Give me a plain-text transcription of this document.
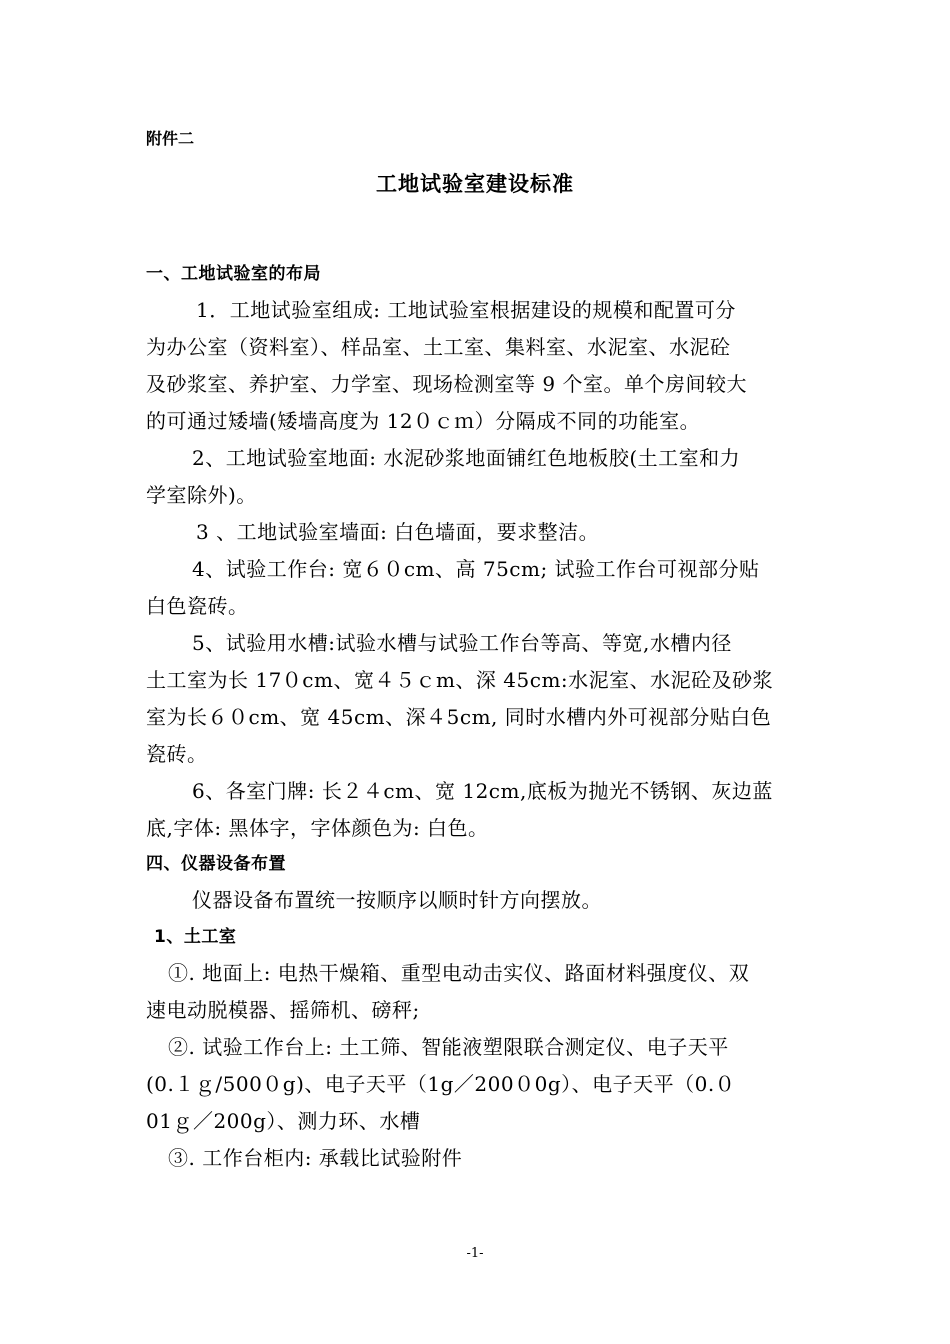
附件二
工地试验室建设标准
一、工地试验室的布局
1．工地试验室组成: 工地试验室根据建设的规模和配置可分
为办公室（资料室）、样品室、土工室、集料室、水泥室、水泥砼
及砂浆室、养护室、力学室、现场检测室等 9 个室。单个房间较大
的可通过矮墙(矮墙高度为 12０ｃｍ）分隔成不同的功能室。
2、工地试验室地面: 水泥砂浆地面铺红色地板胶(土工室和力
学室除外)。
3 、工地试验室墙面: 白色墙面，要求整洁。
4、试验工作台: 宽６０cm、高 75cm; 试验工作台可视部分贴
白色瓷砖。
5、试验用水槽:试验水槽与试验工作台等高、等宽,水槽内径
土工室为长 17０cm、宽４５ｃm、深 45cm:水泥室、水泥砼及砂浆
室为长６０cm、宽 45cm、深４5cm, 同时水槽内外可视部分贴白色
瓷砖。
6、各室门牌: 长２４cm、宽 12cm,底板为抛光不锈钢、灰边蓝
底,字体: 黑体字，字体颜色为: 白色。
四、仪器设备布置
仪器设备布置统一按顺序以顺时针方向摆放。
1、土工室
①. 地面上: 电热干燥箱、重型电动击实仪、路面材料强度仪、双
速电动脱模器、摇筛机、磅秤;
②. 试验工作台上: 土工筛、智能液塑限联合测定仪、电子天平
(0.１ｇ/500０g)、电子天平（1g／200０0g）、电子天平（0.０
01ｇ／200g）、测力环、水槽
③. 工作台柜内: 承载比试验附件
-1-
